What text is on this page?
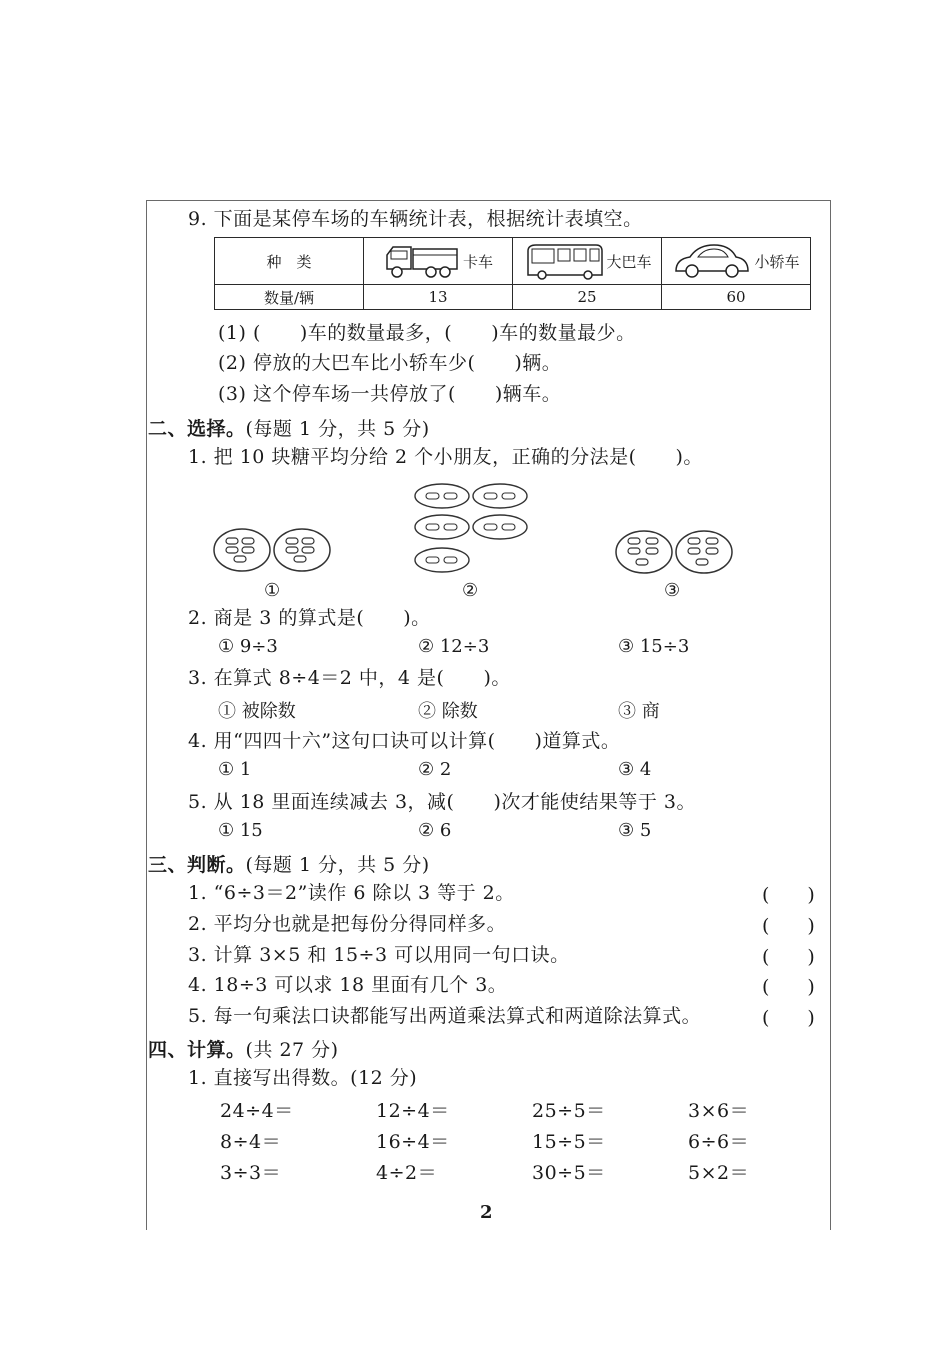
9. 下面是某停车场的车辆统计表，根据统计表填空。
种　类	卡车	大巴车	小轿车

数量/辆	13	25	60
(1) (　　)车的数量最多，(　　)车的数量最少。
(2) 停放的大巴车比小轿车少(　　)辆。
(3) 这个停车场一共停放了(　　)辆车。
二、选择。(每题 1 分，共 5 分)
1. 把 10 块糖平均分给 2 个小朋友，正确的分法是(　　)。
①	②	③
2. 商是 3 的算式是(　　)。
① 9÷3	② 12÷3	③ 15÷3
3. 在算式 8÷4＝2 中，4 是(　　)。
① 被除数	② 除数	③ 商
4. 用“四四十六”这句口诀可以计算(　　)道算式。
① 1	② 2	③ 4
5. 从 18 里面连续减去 3，减(　　)次才能使结果等于 3。
① 15	② 6	③ 5
三、判断。(每题 1 分，共 5 分)
1. “6÷3＝2”读作 6 除以 3 等于 2。	(　　)
2. 平均分也就是把每份分得同样多。	(　　)
3. 计算 3×5 和 15÷3 可以用同一句口诀。	(　　)
4. 18÷3 可以求 18 里面有几个 3。	(　　)
5. 每一句乘法口诀都能写出两道乘法算式和两道除法算式。	(　　)
四、计算。(共 27 分)
1. 直接写出得数。(12 分)
24÷4＝	12÷4＝	25÷5＝	3×6＝
8÷4＝	16÷4＝	15÷5＝	6÷6＝
3÷3＝	4÷2＝	30÷5＝	5×2＝
2
